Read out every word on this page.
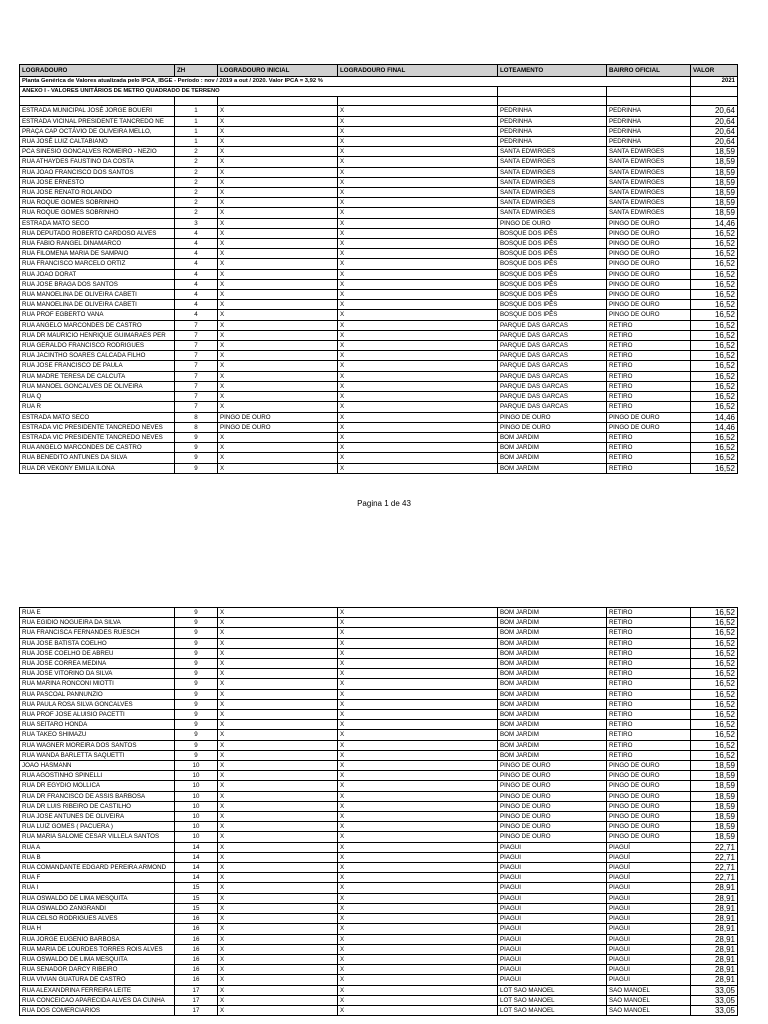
LOGRADOURO	ZH	LOGRADOURO INICIAL	LOGRADOURO FINAL	LOTEAMENTO	BAIRRO OFICIAL	VALOR
Planta Genérica de Valores atualizada pelo IPCA_IBGE - Período : nov / 2019 a out / 2020. Valor IPCA = 3,92 %						2021
ANEXO I - VALORES UNITÁRIOS DE METRO QUADRADO DE TERRENO						

ESTRADA MUNICIPAL JOSÉ JORGE BOUERI	1	X	X	PEDRINHA	PEDRINHA	20,64
ESTRADA VICINAL PRESIDENTE TANCREDO NE	1	X	X	PEDRINHA	PEDRINHA	20,64
PRAÇA CAP OCTÁVIO DE OLIVEIRA MELLO,	1	X	X	PEDRINHA	PEDRINHA	20,64
RUA JOSÉ LUIZ CALTABIANO	1	X	X	PEDRINHA	PEDRINHA	20,64
PCA SINESIO GONCALVES ROMEIRO - NEZIO	2	X	X	SANTA EDWIRGES	SANTA EDWIRGES	18,59
RUA ATHAYDES FAUSTINO DA COSTA	2	X	X	SANTA EDWIRGES	SANTA EDWIRGES	18,59
RUA JOAO FRANCISCO DOS SANTOS	2	X	X	SANTA EDWIRGES	SANTA EDWIRGES	18,59
RUA JOSE ERNESTO	2	X	X	SANTA EDWIRGES	SANTA EDWIRGES	18,59
RUA JOSE RENATO ROLANDO	2	X	X	SANTA EDWIRGES	SANTA EDWIRGES	18,59
RUA ROQUE GOMES SOBRINHO	2	X	X	SANTA EDWIRGES	SANTA EDWIRGES	18,59
RUA ROQUE GOMES SOBRINHO	2	X	X	SANTA EDWIRGES	SANTA EDWIRGES	18,59
ESTRADA MATO SECO	3	X	X	PINGO DE OURO	PINGO DE OURO	14,46
RUA DEPUTADO ROBERTO CARDOSO ALVES	4	X	X	BOSQUE DOS IPÊS	PINGO DE OURO	16,52
RUA FABIO RANGEL DINAMARCO	4	X	X	BOSQUE DOS IPÊS	PINGO DE OURO	16,52
RUA FILOMENA MARIA DE SAMPAIO	4	X	X	BOSQUE DOS IPÊS	PINGO DE OURO	16,52
RUA FRANCISCO MARCELO ORTIZ	4	X	X	BOSQUE DOS IPÊS	PINGO DE OURO	16,52
RUA JOAO DORAT	4	X	X	BOSQUE DOS IPÊS	PINGO DE OURO	16,52
RUA JOSE BRAGA DOS SANTOS	4	X	X	BOSQUE DOS IPÊS	PINGO DE OURO	16,52
RUA MANOELINA DE OLIVEIRA CABETI	4	X	X	BOSQUE DOS IPÊS	PINGO DE OURO	16,52
RUA MANOELINA DE OLIVEIRA CABETI	4	X	X	BOSQUE DOS IPÊS	PINGO DE OURO	16,52
RUA PROF EGBERTO VANA	4	X	X	BOSQUE DOS IPÊS	PINGO DE OURO	16,52
RUA ANGELO MARCONDES DE CASTRO	7	X	X	PARQUE DAS GARCAS	RETIRO	16,52
RUA DR MAURICIO HENRIQUE GUIMARAES PER	7	X	X	PARQUE DAS GARCAS	RETIRO	16,52
RUA GERALDO FRANCISCO RODRIGUES	7	X	X	PARQUE DAS GARCAS	RETIRO	16,52
RUA JACINTHO SOARES CALCADA FILHO	7	X	X	PARQUE DAS GARCAS	RETIRO	16,52
RUA JOSE FRANCISCO DE PAULA	7	X	X	PARQUE DAS GARCAS	RETIRO	16,52
RUA MADRE TERESA DE CALCUTA	7	X	X	PARQUE DAS GARCAS	RETIRO	16,52
RUA MANOEL GONCALVES DE OLIVEIRA	7	X	X	PARQUE DAS GARCAS	RETIRO	16,52
RUA Q	7	X	X	PARQUE DAS GARCAS	RETIRO	16,52
RUA R	7	X	X	PARQUE DAS GARCAS	RETIRO	16,52
ESTRADA MATO SECO	8	PINGO DE OURO	X	PINGO DE OURO	PINGO DE OURO	14,46
ESTRADA VIC PRESIDENTE TANCREDO NEVES	8	PINGO DE OURO	X	PINGO DE OURO	PINGO DE OURO	14,46
ESTRADA VIC PRESIDENTE TANCREDO NEVES	9	X	X	BOM JARDIM	RETIRO	16,52
RUA ANGELO MARCONDES DE CASTRO	9	X	X	BOM JARDIM	RETIRO	16,52
RUA BENEDITO ANTUNES DA SILVA	9	X	X	BOM JARDIM	RETIRO	16,52
RUA DR VEKONY EMILIA ILONA	9	X	X	BOM JARDIM	RETIRO	16,52
Pagina 1 de 43
RUA E	9	X	X	BOM JARDIM	RETIRO	16,52
RUA EGIDIO NOGUEIRA DA SILVA	9	X	X	BOM JARDIM	RETIRO	16,52
RUA FRANCISCA FERNANDES RUESCH	9	X	X	BOM JARDIM	RETIRO	16,52
RUA JOSE BATISTA COELHO	9	X	X	BOM JARDIM	RETIRO	16,52
RUA JOSE COELHO DE ABREU	9	X	X	BOM JARDIM	RETIRO	16,52
RUA JOSE CORREA MEDINA	9	X	X	BOM JARDIM	RETIRO	16,52
RUA JOSE VITORINO DA SILVA	9	X	X	BOM JARDIM	RETIRO	16,52
RUA MARINA RONCONI MIOTTI	9	X	X	BOM JARDIM	RETIRO	16,52
RUA PASCOAL PANNUNZIO	9	X	X	BOM JARDIM	RETIRO	16,52
RUA PAULA ROSA SILVA GONCALVES	9	X	X	BOM JARDIM	RETIRO	16,52
RUA PROF JOSE ALUISIO PACETTI	9	X	X	BOM JARDIM	RETIRO	16,52
RUA SEITARO HONDA	9	X	X	BOM JARDIM	RETIRO	16,52
RUA TAKEO SHIMAZU	9	X	X	BOM JARDIM	RETIRO	16,52
RUA WAGNER MOREIRA DOS SANTOS	9	X	X	BOM JARDIM	RETIRO	16,52
RUA WANDA BARLETTA SAQUETTI	9	X	X	BOM JARDIM	RETIRO	16,52
JOAO HASMANN	10	X	X	PINGO DE OURO	PINGO DE OURO	18,59
RUA AGOSTINHO SPINELLI	10	X	X	PINGO DE OURO	PINGO DE OURO	18,59
RUA DR EGYDIO MOLLICA	10	X	X	PINGO DE OURO	PINGO DE OURO	18,59
RUA DR FRANCISCO DE ASSIS BARBOSA	10	X	X	PINGO DE OURO	PINGO DE OURO	18,59
RUA DR LUIS RIBEIRO DE CASTILHO	10	X	X	PINGO DE OURO	PINGO DE OURO	18,59
RUA JOSE ANTUNES DE OLIVEIRA	10	X	X	PINGO DE OURO	PINGO DE OURO	18,59
RUA LUIZ GOMES ( PACUERA )	10	X	X	PINGO DE OURO	PINGO DE OURO	18,59
RUA MARIA SALOME CESAR VILLELA SANTOS	10	X	X	PINGO DE OURO	PINGO DE OURO	18,59
RUA A	14	X	X	PIAGUI	PIAGUÍ	22,71
RUA B	14	X	X	PIAGUI	PIAGUÍ	22,71
RUA COMANDANTE EDGARD PEREIRA ARMOND	14	X	X	PIAGUI	PIAGUÍ	22,71
RUA F	14	X	X	PIAGUI	PIAGUÍ	22,71
RUA I	15	X	X	PIAGUI	PIAGUI	28,91
RUA OSWALDO DE LIMA MESQUITA	15	X	X	PIAGUI	PIAGUI	28,91
RUA OSWALDO ZANGRANDI	15	X	X	PIAGUI	PIAGUI	28,91
RUA CELSO RODRIGUES ALVES	16	X	X	PIAGUI	PIAGUI	28,91
RUA H	16	X	X	PIAGUI	PIAGUI	28,91
RUA JORGE EUGENIO BARBOSA	16	X	X	PIAGUI	PIAGUI	28,91
RUA MARIA DE LOURDES TORRES ROIS ALVES	16	X	X	PIAGUI	PIAGUI	28,91
RUA OSWALDO DE LIMA MESQUITA	16	X	X	PIAGUI	PIAGUI	28,91
RUA SENADOR DARCY RIBEIRO	16	X	X	PIAGUI	PIAGUI	28,91
RUA VIVIAN GUATURA DE CASTRO	16	X	X	PIAGUI	PIAGUI	28,91
RUA ALEXANDRINA FERREIRA LEITE	17	X	X	LOT SAO MANOEL	SAO MANOEL	33,05
RUA CONCEICAO APARECIDA ALVES DA CUNHA	17	X	X	LOT SAO MANOEL	SAO MANOEL	33,05
RUA DOS COMERCIARIOS	17	X	X	LOT SAO MANOEL	SAO MANOEL	33,05
